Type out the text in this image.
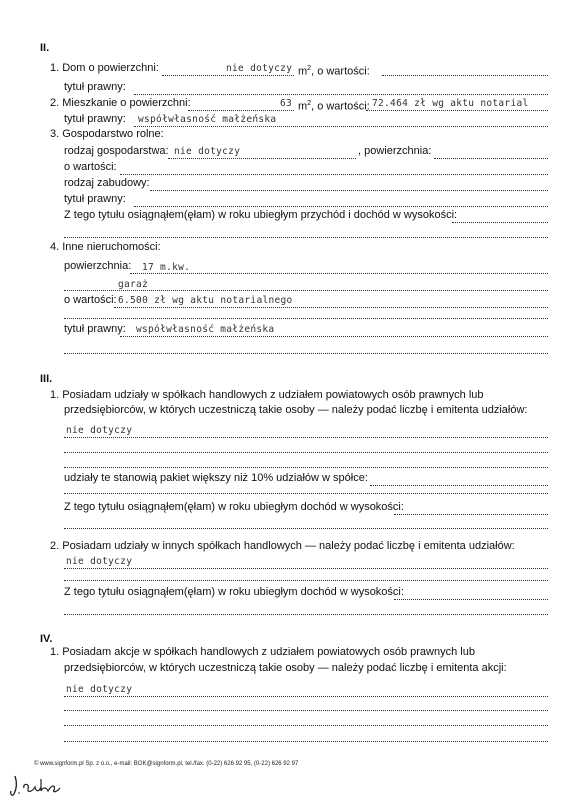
II.
1. Dom o powierzchni:	nie dotyczy $m^2$, o wartości:
tytuł prawny:
2. Mieszkanie o powierzchni:	63 $m^2$, o wartości: 72.464 zł wg aktu notarial
tytuł prawny: współwłasność małżeńska
3. Gospodarstwo rolne:
rodzaj gospodarstwa: nie dotyczy	, powierzchnia:
o wartości:
rodzaj zabudowy:
tytuł prawny:
Z tego tytułu osiągnąłem(ęłam) w roku ubiegłym przychód i dochód w wysokości:
4. Inne nieruchomości:
powierzchnia: 17 m.kw.
garaż
o wartości: 6.500 zł wg aktu notarialnego
tytuł prawny: współwłasność małżeńska
III.
1. Posiadam udziały w spółkach handlowych z udziałem powiatowych osób prawnych lub
przedsiębiorców, w których uczestniczą takie osoby — należy podać liczbę i emitenta udziałów:
nie dotyczy
udziały te stanowią pakiet większy niż 10% udziałów w spółce:
Z tego tytułu osiągnąłem(ęłam) w roku ubiegłym dochód w wysokości:
2. Posiadam udziały w innych spółkach handlowych — należy podać liczbę i emitenta udziałów:
nie dotyczy
Z tego tytułu osiągnąłem(ęłam) w roku ubiegłym dochód w wysokości:
IV.
1. Posiadam akcje w spółkach handlowych z udziałem powiatowych osób prawnych lub
przedsiębiorców, w których uczestniczą takie osoby — należy podać liczbę i emitenta akcji:
nie dotyczy
© www.signform.pl Sp. z o.o., e-mail: BOK@signform.pl, tel./fax. (0-22) 626 92 95, (0-22) 626 92 97
